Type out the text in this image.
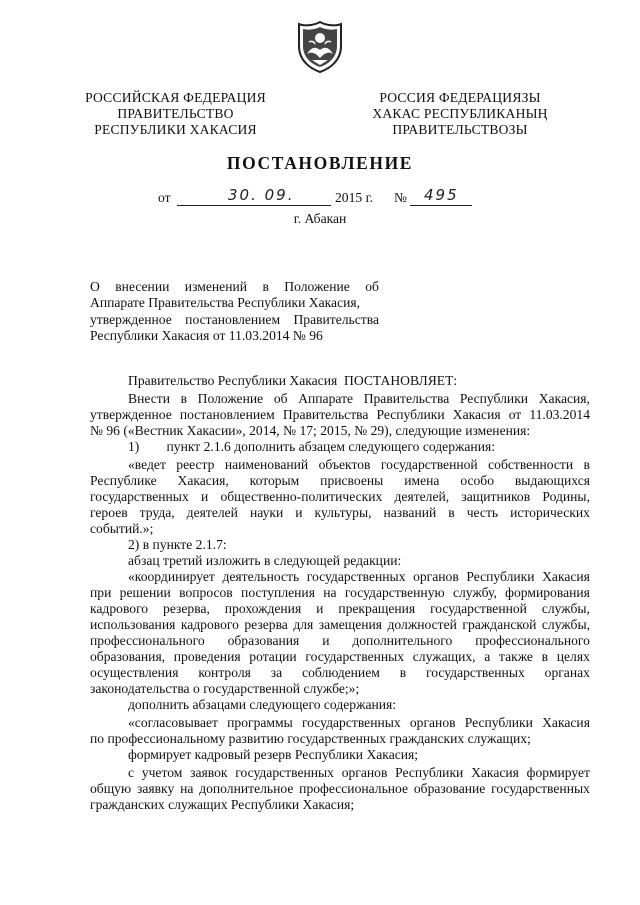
РОССИЙСКАЯ ФЕДЕРАЦИЯ
ПРАВИТЕЛЬСТВО
РЕСПУБЛИКИ ХАКАСИЯ
РОССИЯ ФЕДЕРАЦИЯЗЫ
ХАКАС РЕСПУБЛИКАНЫҢ
ПРАВИТЕЛЬСТВОЗЫ
ПОСТАНОВЛЕНИЕ
от	30. 09.	2015 г. № 495
г. Абакан
О внесении изменений в Положение об
Аппарате Правительства Республики Хакасия,
утвержденное постановлением Правительства
Республики Хакасия от 11.03.2014 № 96
Правительство Республики Хакасия  ПОСТАНОВЛЯЕТ:
Внести в Положение об Аппарате Правительства Республики Хакасия,
утвержденное постановлением Правительства Республики Хакасия от 11.03.2014
№ 96 («Вестник Хакасии», 2014, № 17; 2015, № 29), следующие изменения:
1)        пункт 2.1.6 дополнить абзацем следующего содержания:
«ведет реестр наименований объектов государственной собственности в
Республике Хакасия, которым присвоены имена особо выдающихся
государственных и общественно-политических деятелей, защитников Родины,
героев труда, деятелей науки и культуры, названий в честь исторических
событий.»;
2) в пункте 2.1.7:
абзац третий изложить в следующей редакции:
«координирует деятельность государственных органов Республики Хакасия
при решении вопросов поступления на государственную службу, формирования
кадрового резерва, прохождения и прекращения государственной службы,
использования кадрового резерва для замещения должностей гражданской службы,
профессионального образования и дополнительного профессионального
образования, проведения ротации государственных служащих, а также в целях
осуществления контроля за соблюдением в государственных органах
законодательства о государственной службе;»;
дополнить абзацами следующего содержания:
«согласовывает программы государственных органов Республики Хакасия
по профессиональному развитию государственных гражданских служащих;
формирует кадровый резерв Республики Хакасия;
с учетом заявок государственных органов Республики Хакасия формирует
общую заявку на дополнительное профессиональное образование государственных
гражданских служащих Республики Хакасия;
